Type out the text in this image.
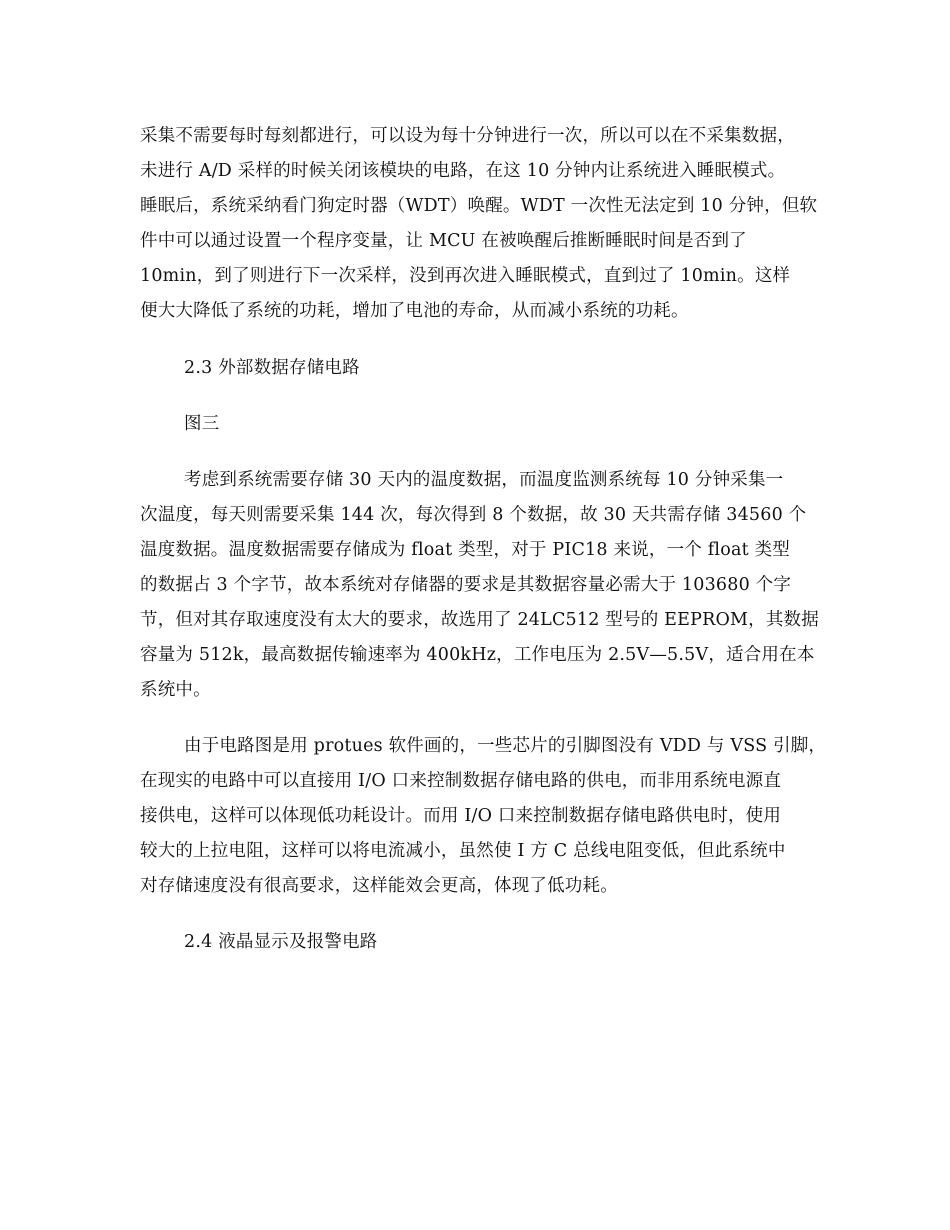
采集不需要每时每刻都进行，可以设为每十分钟进行一次，所以可以在不采集数据，
未进行 A/D 采样的时候关闭该模块的电路，在这 10 分钟内让系统进入睡眠模式。
睡眠后，系统采纳看门狗定时器（WDT）唤醒。WDT 一次性无法定到 10 分钟，但软
件中可以通过设置一个程序变量，让 MCU 在被唤醒后推断睡眠时间是否到了
10min，到了则进行下一次采样，没到再次进入睡眠模式，直到过了 10min。这样
便大大降低了系统的功耗，增加了电池的寿命，从而减小系统的功耗。
2.3 外部数据存储电路
图三
考虑到系统需要存储 30 天内的温度数据，而温度监测系统每 10 分钟采集一
次温度，每天则需要采集 144 次，每次得到 8 个数据，故 30 天共需存储 34560 个
温度数据。温度数据需要存储成为 float 类型，对于 PIC18 来说，一个 float 类型
的数据占 3 个字节，故本系统对存储器的要求是其数据容量必需大于 103680 个字
节，但对其存取速度没有太大的要求，故选用了 24LC512 型号的 EEPROM，其数据
容量为 512k，最高数据传输速率为 400kHz，工作电压为 2.5V—5.5V，适合用在本
系统中。
由于电路图是用 protues 软件画的，一些芯片的引脚图没有 VDD 与 VSS 引脚，
在现实的电路中可以直接用 I/O 口来控制数据存储电路的供电，而非用系统电源直
接供电，这样可以体现低功耗设计。而用 I/O 口来控制数据存储电路供电时，使用
较大的上拉电阻，这样可以将电流减小，虽然使 I 方 C 总线电阻变低，但此系统中
对存储速度没有很高要求，这样能效会更高，体现了低功耗。
2.4 液晶显示及报警电路
